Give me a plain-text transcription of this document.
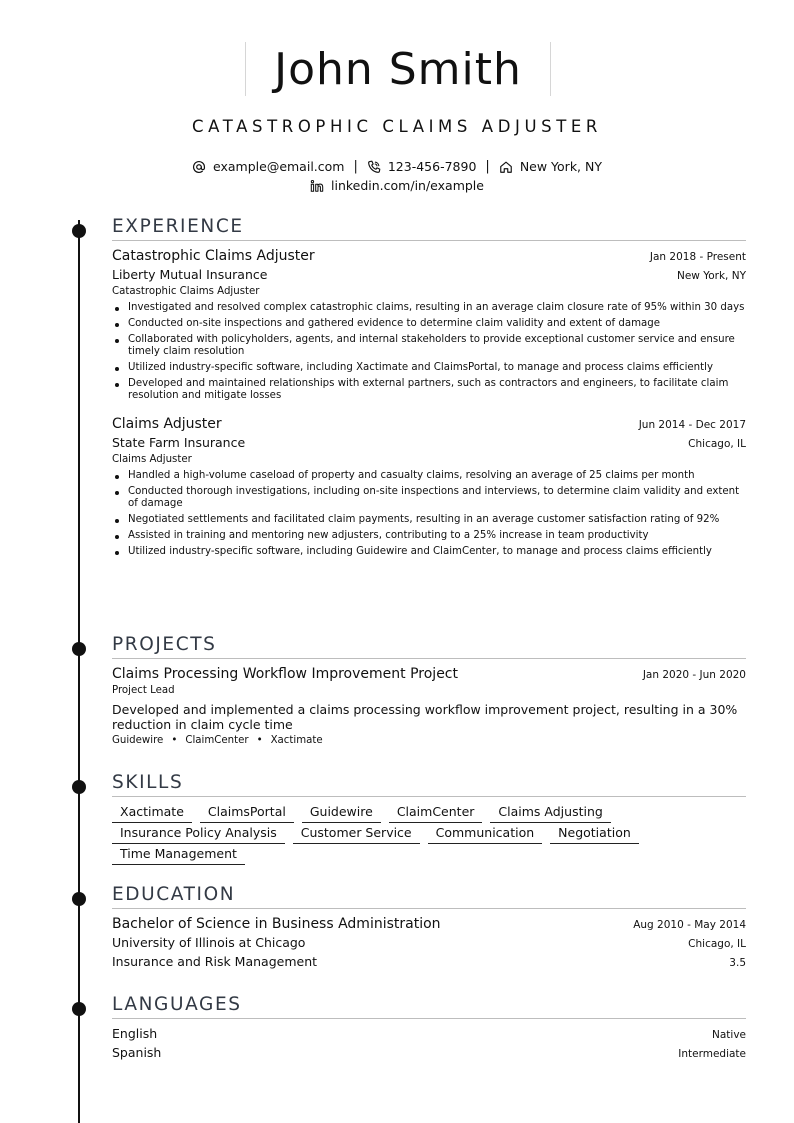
John Smith
CATASTROPHIC CLAIMS ADJUSTER
example@email.com | 123-456-7890 | New York, NY
linkedin.com/in/example
EXPERIENCE
Catastrophic Claims Adjuster	Jan 2018 - Present
Liberty Mutual Insurance	New York, NY
Catastrophic Claims Adjuster
Investigated and resolved complex catastrophic claims, resulting in an average claim closure rate of 95% within 30 days
Conducted on-site inspections and gathered evidence to determine claim validity and extent of damage
Collaborated with policyholders, agents, and internal stakeholders to provide exceptional customer service and ensure timely claim resolution
Utilized industry-specific software, including Xactimate and ClaimsPortal, to manage and process claims efficiently
Developed and maintained relationships with external partners, such as contractors and engineers, to facilitate claim resolution and mitigate losses
Claims Adjuster	Jun 2014 - Dec 2017
State Farm Insurance	Chicago, IL
Claims Adjuster
Handled a high-volume caseload of property and casualty claims, resolving an average of 25 claims per month
Conducted thorough investigations, including on-site inspections and interviews, to determine claim validity and extent of damage
Negotiated settlements and facilitated claim payments, resulting in an average customer satisfaction rating of 92%
Assisted in training and mentoring new adjusters, contributing to a 25% increase in team productivity
Utilized industry-specific software, including Guidewire and ClaimCenter, to manage and process claims efficiently
PROJECTS
Claims Processing Workflow Improvement Project	Jan 2020 - Jun 2020
Project Lead
Developed and implemented a claims processing workflow improvement project, resulting in a 30% reduction in claim cycle time
Guidewire • ClaimCenter • Xactimate
SKILLS
Xactimate	ClaimsPortal	Guidewire	ClaimCenter	Claims Adjusting
Insurance Policy Analysis	Customer Service	Communication	Negotiation
Time Management
EDUCATION
Bachelor of Science in Business Administration	Aug 2010 - May 2014
University of Illinois at Chicago	Chicago, IL
Insurance and Risk Management	3.5
LANGUAGES
English	Native
Spanish	Intermediate
